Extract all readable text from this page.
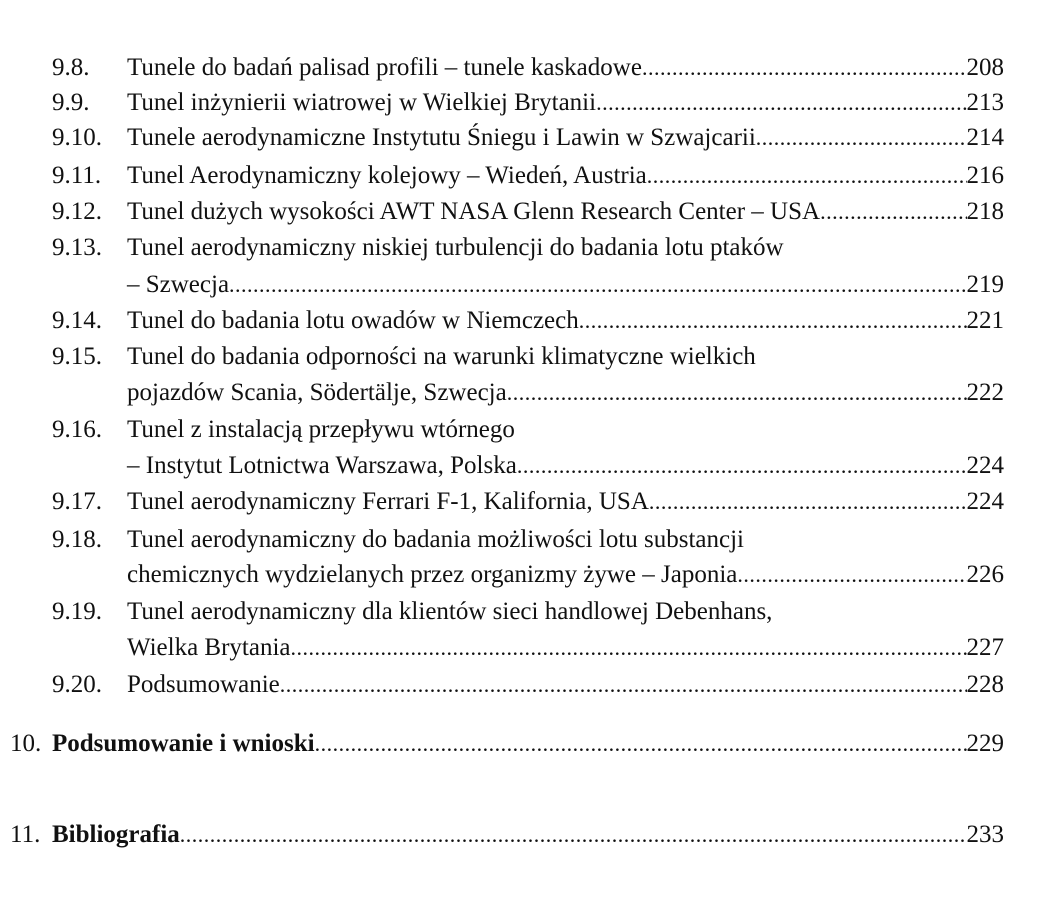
9.8. Tunele do badań palisad profili – tunele kaskadowe .....	208
9.9. Tunel inżynierii wiatrowej w Wielkiej Brytanii .....	213
9.10. Tunele aerodynamiczne Instytutu Śniegu i Lawin w Szwajcarii .....	214
9.11. Tunel Aerodynamiczny kolejowy – Wiedeń, Austria .....	216
9.12. Tunel dużych wysokości AWT NASA Glenn Research Center – USA .....	218
9.13. Tunel aerodynamiczny niskiej turbulencji do badania lotu ptaków
– Szwecja .....	219
9.14. Tunel do badania lotu owadów w Niemczech .....	221
9.15. Tunel do badania odporności na warunki klimatyczne wielkich
pojazdów Scania, Södertälje, Szwecja .....	222
9.16. Tunel z instalacją przepływu wtórnego
– Instytut Lotnictwa Warszawa, Polska .....	224
9.17. Tunel aerodynamiczny Ferrari F-1, Kalifornia, USA .....	224
9.18. Tunel aerodynamiczny do badania możliwości lotu substancji
chemicznych wydzielanych przez organizmy żywe – Japonia .....	226
9.19. Tunel aerodynamiczny dla klientów sieci handlowej Debenhans,
Wielka Brytania .....	227
9.20. Podsumowanie .....	228
10. Podsumowanie i wnioski .....	229
11. Bibliografia .....	233
